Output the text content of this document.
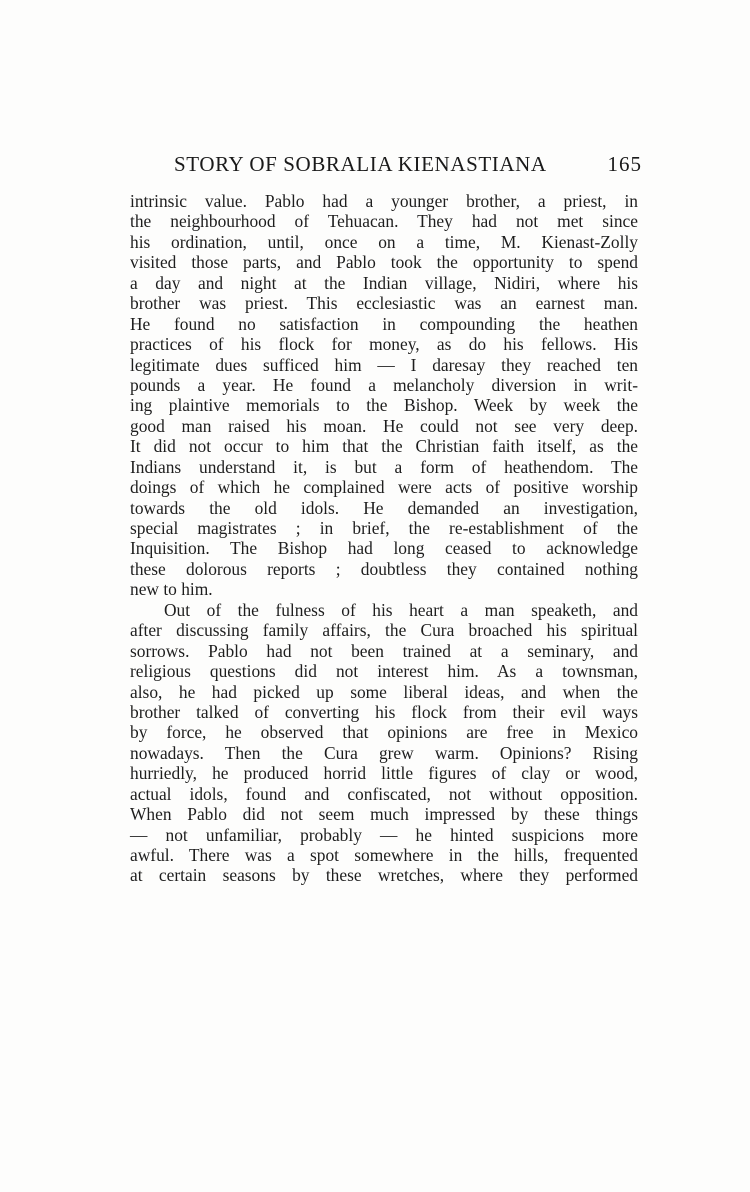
STORY OF SOBRALIA KIENASTIANA	165
intrinsic value. Pablo had a younger brother, a priest, in
the neighbourhood of Tehuacan. They had not met since
his ordination, until, once on a time, M. Kienast-Zolly
visited those parts, and Pablo took the opportunity to spend
a day and night at the Indian village, Nidiri, where his
brother was priest. This ecclesiastic was an earnest man.
He found no satisfaction in compounding the heathen
practices of his flock for money, as do his fellows. His
legitimate dues sufficed him — I daresay they reached ten
pounds a year. He found a melancholy diversion in writ-
ing plaintive memorials to the Bishop. Week by week the
good man raised his moan. He could not see very deep.
It did not occur to him that the Christian faith itself, as the
Indians understand it, is but a form of heathendom. The
doings of which he complained were acts of positive worship
towards the old idols. He demanded an investigation,
special magistrates ; in brief, the re-establishment of the
Inquisition. The Bishop had long ceased to acknowledge
these dolorous reports ; doubtless they contained nothing
new to him.
Out of the fulness of his heart a man speaketh, and
after discussing family affairs, the Cura broached his spiritual
sorrows. Pablo had not been trained at a seminary, and
religious questions did not interest him. As a townsman,
also, he had picked up some liberal ideas, and when the
brother talked of converting his flock from their evil ways
by force, he observed that opinions are free in Mexico
nowadays. Then the Cura grew warm. Opinions? Rising
hurriedly, he produced horrid little figures of clay or wood,
actual idols, found and confiscated, not without opposition.
When Pablo did not seem much impressed by these things
— not unfamiliar, probably — he hinted suspicions more
awful. There was a spot somewhere in the hills, frequented
at certain seasons by these wretches, where they performed
